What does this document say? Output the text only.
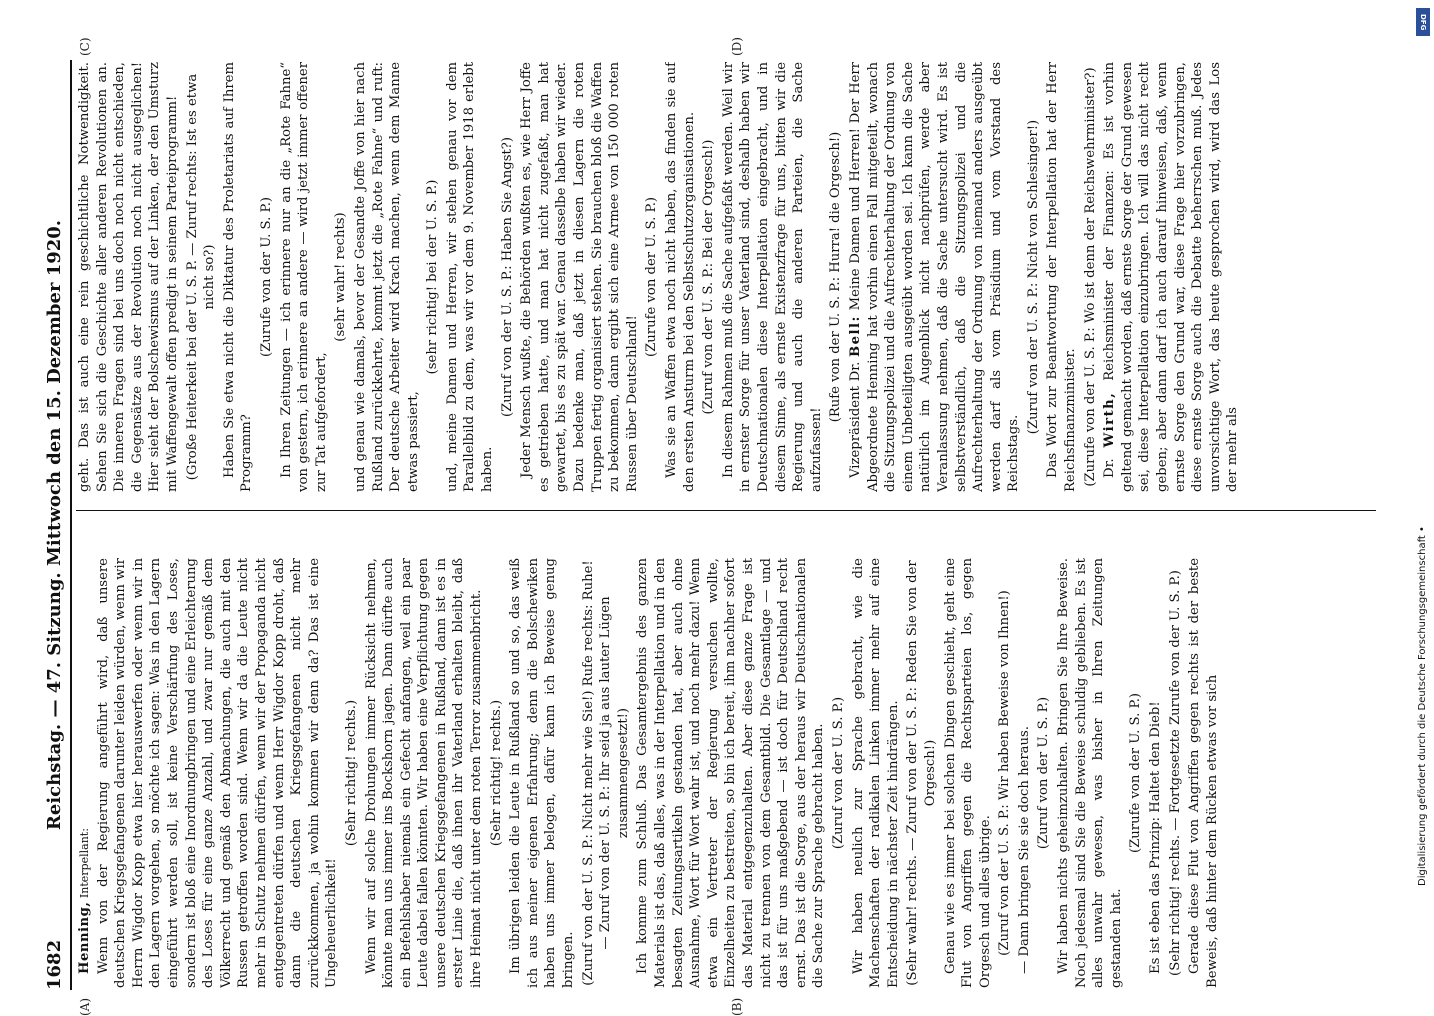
1682
Reichstag. — 47. Sitzung. Mittwoch den 15. Dezember 1920.

Henning, Interpellant: Wenn von der Regierung angeführt wird, daß unsere deutschen Kriegsgefangenen darunter leiden würden, wenn wir Herrn Wigdor Kopp etwa hier herauswerfen oder wenn wir in den Lagern vorgehen, so möchte ich sagen: Was in den Lagern eingeführt werden soll, ist keine Verschärfung des Loses, sondern ist bloß eine Inordnungbringen und eine Erleichterung des Loses für eine ganze Anzahl, und zwar nur gemäß dem Völkerrecht und gemäß den Abmachungen, die auch mit den Russen getroffen worden sind. Wenn wir da die Leute nicht mehr in Schutz nehmen dürfen, wenn wir der Propaganda nicht entgegentreten dürfen und wenn Herr Wigdor Kopp droht, daß dann die deutschen Kriegsgefangenen nicht mehr zurückkommen, ja wohin kommen wir denn da? Das ist eine Ungeheuerlichkeit!

(Sehr richtig! rechts.) Wenn wir auf solche Drohungen immer Rücksicht nehmen, könnte man uns immer ins Bockshorn jagen. Dann dürfte auch ein Befehlshaber niemals ein Gefecht anfangen, weil ein paar Leute dabei fallen könnten. Wir haben eine Verpflichtung gegen unsere deutschen Kriegsgefangenen in Rußland, dann ist es in erster Linie die, daß ihnen ihr Vaterland erhalten bleibt, daß ihre Heimat nicht unter dem roten Terror zusammenbricht. (Sehr richtig! rechts.) Im übrigen leiden die Leute in Rußland so und so, das weiß ich aus meiner eigenen Erfahrung; denn die Bolschewiken haben uns immer belogen, dafür kann ich Beweise genug bringen. (Zuruf von der U. S. P.: Nicht mehr wie Sie!) Rufe rechts: Ruhe! — Zuruf von der U. S. P.: Ihr seid ja aus lauter Lügen zusammengesetzt!) Ich komme zum Schluß. Das Gesamtergebnis des ganzen Materials ist das, daß alles, was in der Interpellation und in den besagten Zeitungsartikeln gestanden hat, aber auch ohne Ausnahme, Wort für Wort wahr ist, und noch mehr dazu! Wenn etwa ein Vertreter der Regierung versuchen wollte, Einzelheiten zu bestreiten, so bin ich bereit, ihm nachher sofort das Material entgegenzuhalten. Aber diese ganze Frage ist nicht zu trennen von dem Gesamtbild. Die Gesamtlage — und das ist für uns maßgebend — ist doch für Deutschland recht ernst. Das ist die Sorge, aus der heraus wir Deutschnationalen die Sache zur Sprache gebracht haben. (Zuruf von der U. S. P.) Wir haben neulich zur Sprache gebracht, wie die Machenschaften der radikalen Linken immer mehr auf eine Entscheidung in nächster Zeit hindrängen. (Sehr wahr! rechts. — Zuruf von der U. S. P.: Reden Sie von der Orgesch!) Genau wie es immer bei solchen Dingen geschieht, geht eine Flut von Angriffen gegen die Rechtsparteien los, gegen Orgesch und alles übrige. (Zuruf von der U. S. P.: Wir haben Beweise von Ihnen!) — Dann bringen Sie sie doch heraus. (Zuruf von der U. S. P.) Wir haben nichts geheimzuhalten. Bringen Sie Ihre Beweise. Noch jedesmal sind Sie die Beweise schuldig geblieben. Es ist alles unwahr gewesen, was bisher in Ihren Zeitungen gestanden hat.

(Zurufe von der U. S. P.) Es ist eben das Prinzip: Haltet den Dieb! (Sehr richtig! rechts. — Fortgesetzte Zurufe von der U. S. P.) Gerade diese Flut von Angriffen gegen rechts ist der beste Beweis, daß hinter dem Rücken etwas vor sich

geht. Das ist auch eine rein geschichtliche Notwendigkeit. Sehen Sie sich die Geschichte aller anderen Revolutionen an. Die inneren Fragen sind bei uns doch noch nicht entschieden, die Gegensätze aus der Revolution noch nicht ausgeglichen! Hier sieht der Bolschewismus auf der Linken, der den Umsturz mit Waffengewalt offen predigt in seinem Parteiprogramm! (Große Heiterkeit bei der U. S. P. — Zuruf rechts: Ist es etwa nicht so?) Haben Sie etwa nicht die Diktatur des Proletariats auf Ihrem Programm?

(Zurufe von der U. S. P.) In Ihren Zeitungen — ich erinnere nur an die „Rote Fahne“ von gestern, ich erinnere an andere — wird jetzt immer offener zur Tat aufgefordert,

(sehr wahr! rechts) und genau wie damals, bevor der Gesandte Joffe von hier nach Rußland zurückkehrte, kommt jetzt die „Rote Fahne“ und ruft: Der deutsche Arbeiter wird Krach machen, wenn dem Manne etwas passiert,

(sehr richtig! bei der U. S. P.) und, meine Damen und Herren, wir stehen genau vor dem Parallelbild zu dem, was wir vor dem 9. November 1918 erlebt haben.

(Zuruf von der U. S. P.: Haben Sie Angst?) Jeder Mensch wußte, die Behörden wußten es, wie Herr Joffe es getrieben hatte, und man hat nicht zugefaßt, man hat gewartet, bis es zu spät war. Genau dasselbe haben wir wieder. Dazu bedenke man, daß jetzt in diesen Lagern die roten Truppen fertig organisiert stehen. Sie brauchen bloß die Waffen zu bekommen, dann ergibt sich eine Armee von 150 000 roten Russen über Deutschland!

(Zurufe von der U. S. P.) Was sie an Waffen etwa noch nicht haben, das finden sie auf den ersten Ansturm bei den Selbstschutzorganisationen. (Zuruf von der U. S. P.: Bei der Orgesch!) In diesem Rahmen muß die Sache aufgefaßt werden. Weil wir in ernster Sorge für unser Vaterland sind, deshalb haben wir Deutschnationalen diese Interpellation eingebracht, und in diesem Sinne, als ernste Existenzfrage für uns, bitten wir die Regierung und auch die anderen Parteien, die Sache aufzufassen!

(Rufe von der U. S. P.: Hurra! die Orgesch!) Vizepräsident Dr. Bell: Meine Damen und Herren! Der Herr Abgeordnete Henning hat vorhin einen Fall mitgeteilt, wonach die Sitzungspolizei und die Aufrechterhaltung der Ordnung von einem Unbeteiligten ausgeübt worden sei. Ich kann die Sache natürlich im Augenblick nicht nachprüfen, werde aber Veranlassung nehmen, daß die Sache untersucht wird. Es ist selbstverständlich, daß die Sitzungspolizei und die Aufrechterhaltung der Ordnung von niemand anders ausgeübt werden darf als vom Präsidium und vom Vorstand des Reichstags.

(Zuruf von der U. S. P.: Nicht von Schlesinger!) Das Wort zur Beantwortung der Interpellation hat der Herr Reichsfinanzminister. (Zurufe von der U. S. P.: Wo ist denn der Reichswehrminister?) Dr. Wirth, Reichsminister der Finanzen: Es ist vorhin geltend gemacht worden, daß ernste Sorge der Grund gewesen sei, diese Interpellation einzubringen. Ich will das nicht recht geben; aber dann darf ich auch darauf hinweisen, daß, wenn ernste Sorge den Grund war, diese Frage hier vorzubringen, diese ernste Sorge auch die Debatte beherrschen muß. Jedes unvorsichtige Wort, das heute gesprochen wird, wird das Los der mehr als

(A)	(B)
(C)	(D)
Digitalisierung gefördert durch die Deutsche Forschungsgemeinschaft •
DFG
